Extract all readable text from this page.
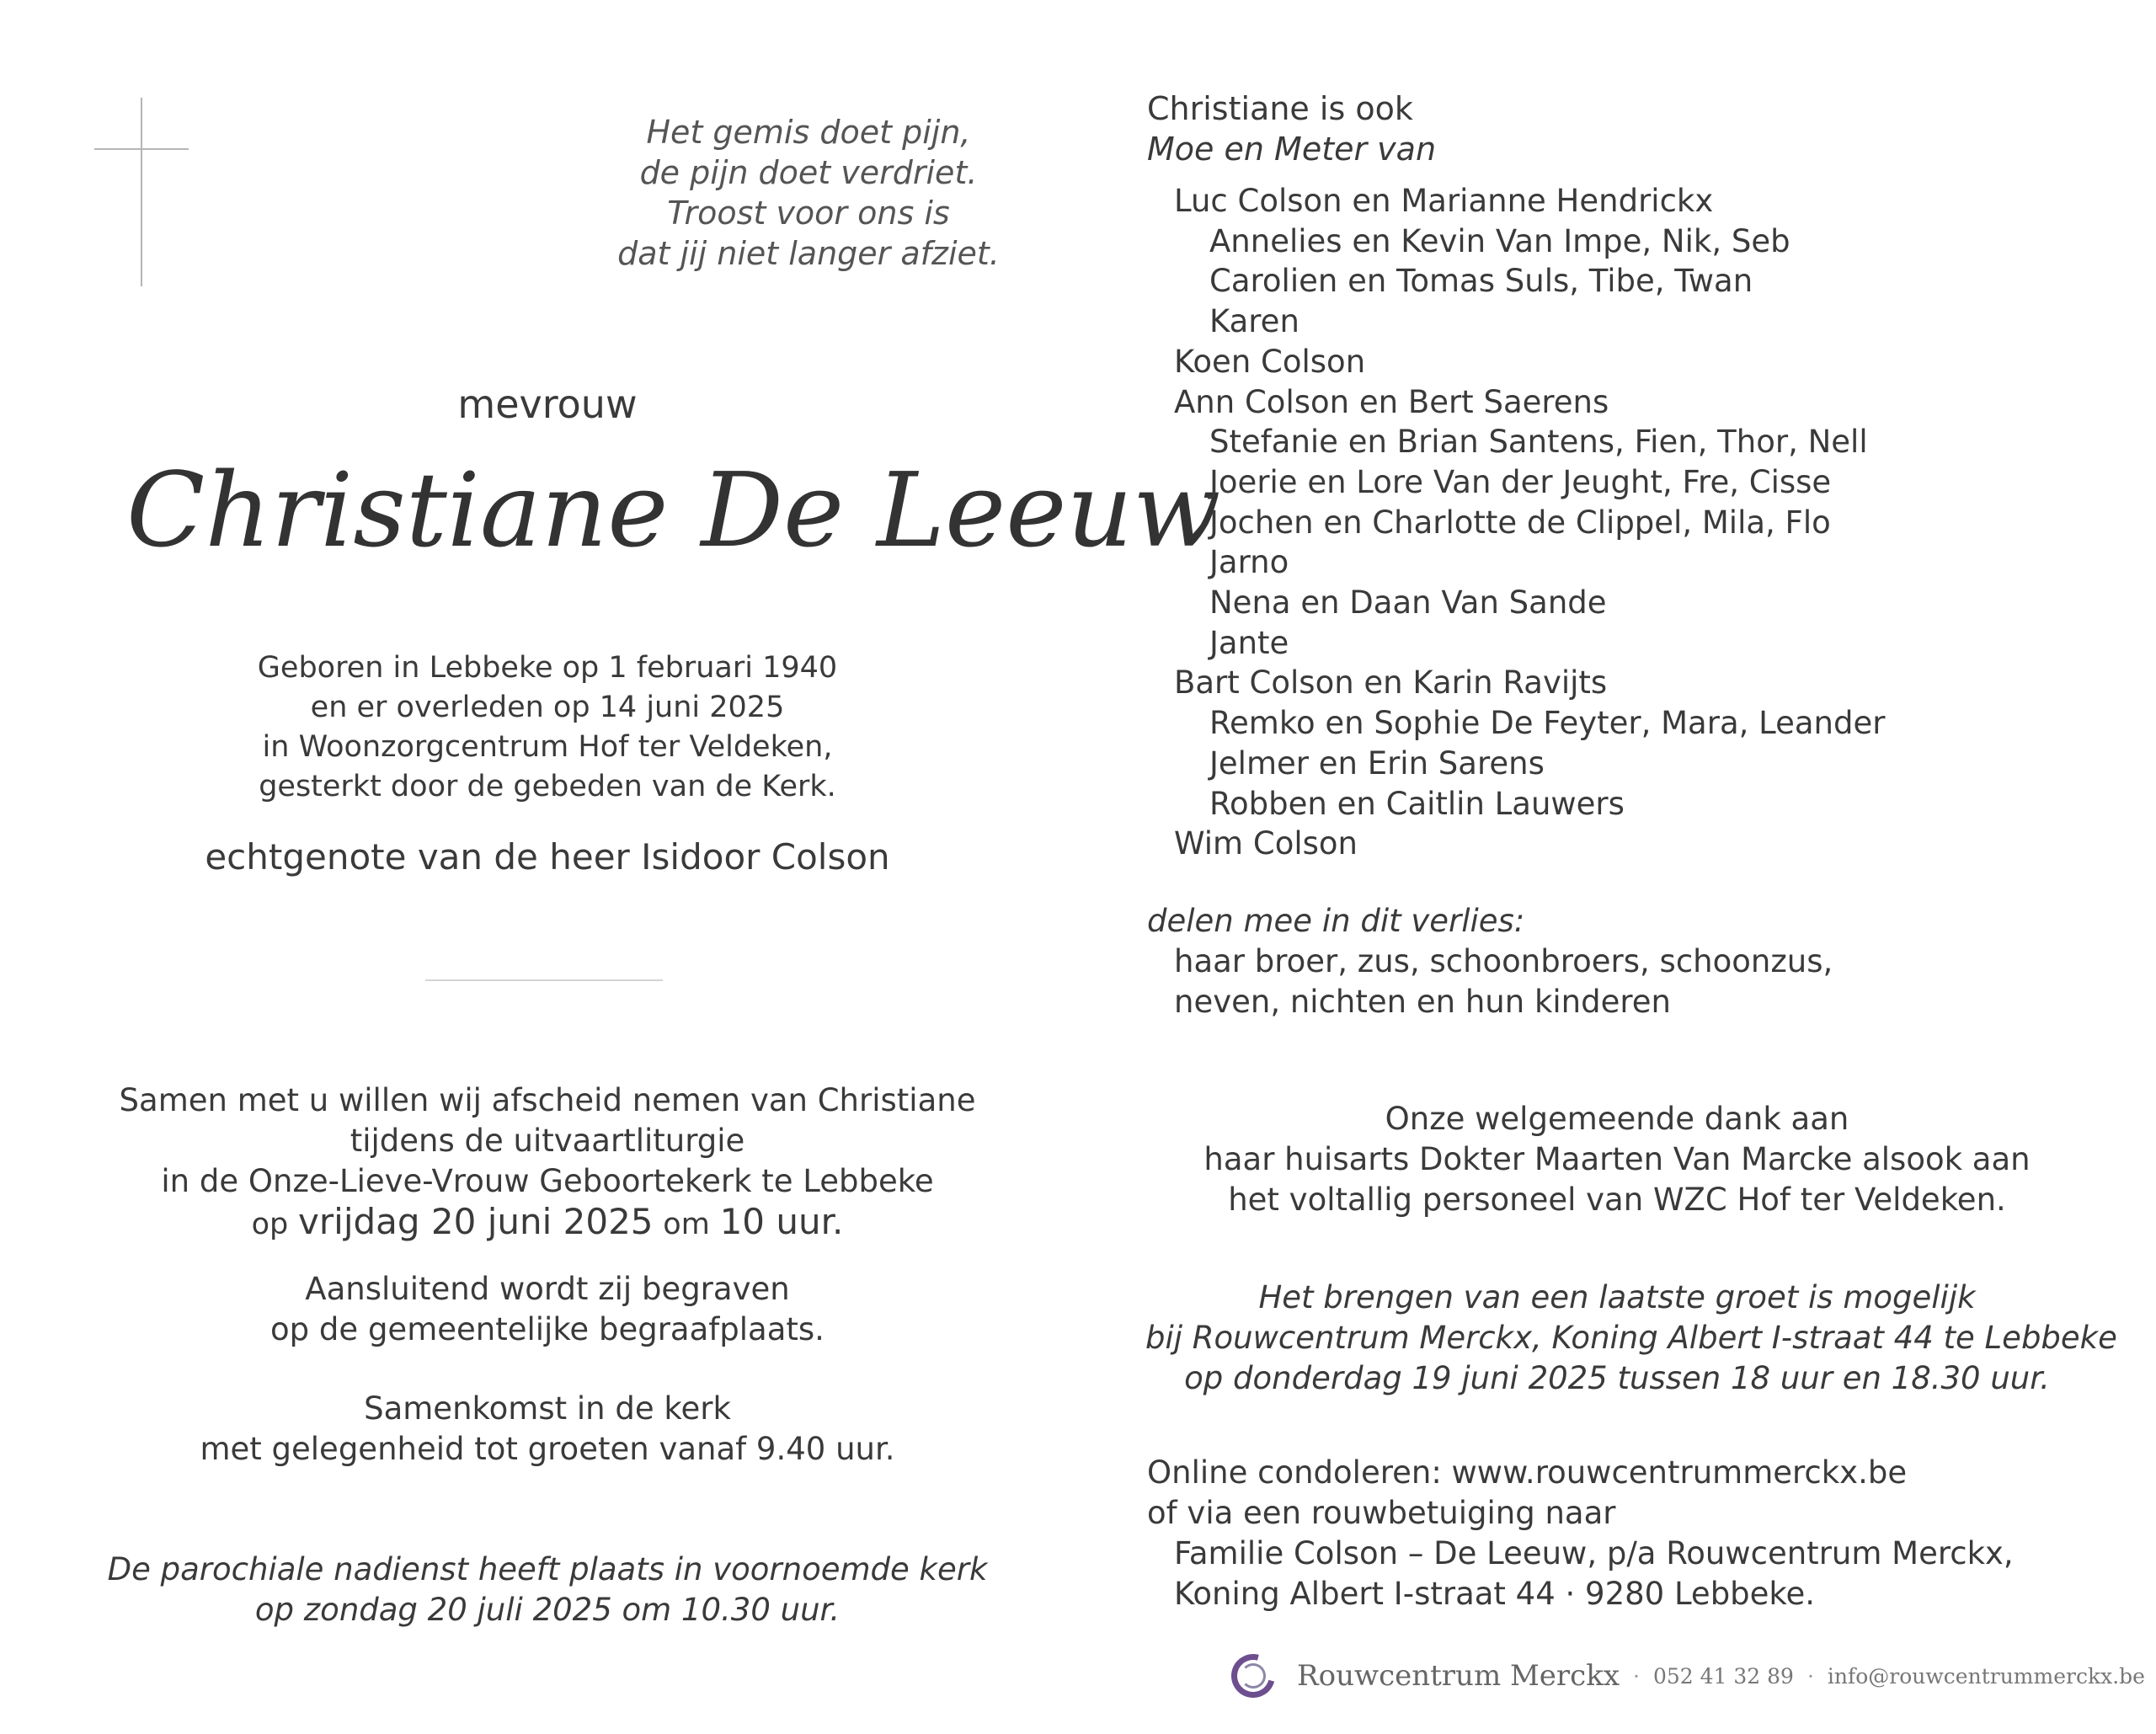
Het gemis doet pijn,
de pijn doet verdriet.
Troost voor ons is
dat jij niet langer afziet.
mevrouw
Christiane De Leeuw
Geboren in Lebbeke op 1 februari 1940
en er overleden op 14 juni 2025
in Woonzorgcentrum Hof ter Veldeken,
gesterkt door de gebeden van de Kerk.
echtgenote van de heer Isidoor Colson
Samen met u willen wij afscheid nemen van Christiane
tijdens de uitvaartliturgie
in de Onze-Lieve-Vrouw Geboortekerk te Lebbeke
op vrijdag 20 juni 2025 om 10 uur.
Aansluitend wordt zij begraven
op de gemeentelijke begraafplaats.
Samenkomst in de kerk
met gelegenheid tot groeten vanaf 9.40 uur.
De parochiale nadienst heeft plaats in voornoemde kerk
op zondag 20 juli 2025 om 10.30 uur.
Christiane is ook
Moe en Meter van
Luc Colson en Marianne Hendrickx
Annelies en Kevin Van Impe, Nik, Seb
Carolien en Tomas Suls, Tibe, Twan
Karen
Koen Colson
Ann Colson en Bert Saerens
Stefanie en Brian Santens, Fien, Thor, Nell
Joerie en Lore Van der Jeught, Fre, Cisse
Jochen en Charlotte de Clippel, Mila, Flo
Jarno
Nena en Daan Van Sande
Jante
Bart Colson en Karin Ravijts
Remko en Sophie De Feyter, Mara, Leander
Jelmer en Erin Sarens
Robben en Caitlin Lauwers
Wim Colson
delen mee in dit verlies:
haar broer, zus, schoonbroers, schoonzus,
neven, nichten en hun kinderen
Onze welgemeende dank aan
haar huisarts Dokter Maarten Van Marcke alsook aan
het voltallig personeel van WZC Hof ter Veldeken.
Het brengen van een laatste groet is mogelijk
bij Rouwcentrum Merckx, Koning Albert I-straat 44 te Lebbeke
op donderdag 19 juni 2025 tussen 18 uur en 18.30 uur.
Online condoleren: www.rouwcentrummerckx.be
of via een rouwbetuiging naar
Familie Colson – De Leeuw, p/a Rouwcentrum Merckx,
Koning Albert I-straat 44 · 9280 Lebbeke.
Rouwcentrum Merckx · 052 41 32 89 · info@rouwcentrummerckx.be
